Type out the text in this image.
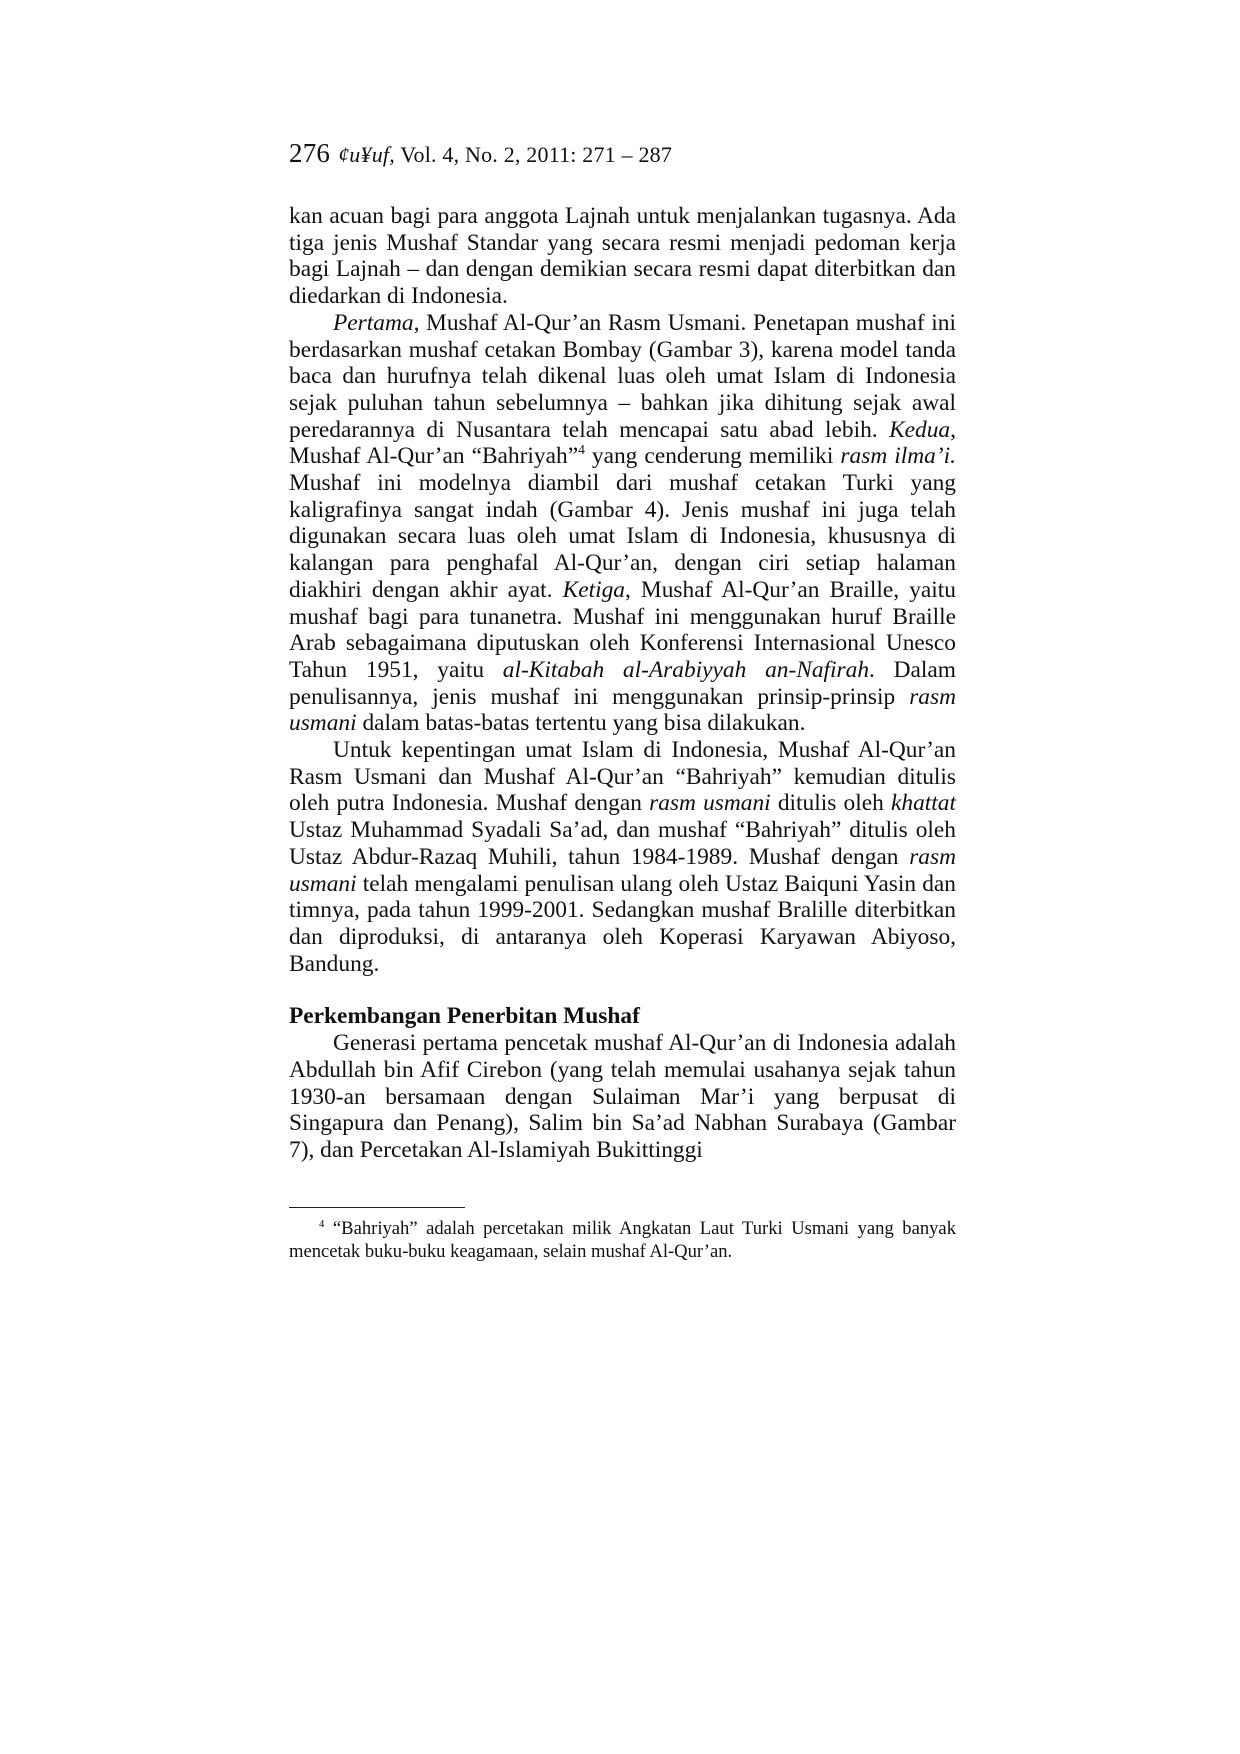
276 ¢u¥uf, Vol. 4, No. 2, 2011: 271 – 287

kan acuan bagi para anggota Lajnah untuk menjalankan tugasnya. Ada tiga jenis Mushaf Standar yang secara resmi menjadi pedoman kerja bagi Lajnah – dan dengan demikian secara resmi dapat diterbitkan dan diedarkan di Indonesia.

Pertama, Mushaf Al-Qur’an Rasm Usmani. Penetapan mushaf ini berdasarkan mushaf cetakan Bombay (Gambar 3), karena model tanda baca dan hurufnya telah dikenal luas oleh umat Islam di Indonesia sejak puluhan tahun sebelumnya – bahkan jika dihitung sejak awal peredarannya di Nusantara telah mencapai satu abad lebih. Kedua, Mushaf Al-Qur’an “Bahriyah”$^4$ yang cenderung memiliki rasm ilma’i. Mushaf ini modelnya diambil dari mushaf cetakan Turki yang kaligrafinya sangat indah (Gambar 4). Jenis mushaf ini juga telah digunakan secara luas oleh umat Islam di Indonesia, khususnya di kalangan para penghafal Al-Qur’an, dengan ciri setiap halaman diakhiri dengan akhir ayat. Ketiga, Mushaf Al-Qur’an Braille, yaitu mushaf bagi para tunanetra. Mushaf ini menggunakan huruf Braille Arab sebagaimana diputuskan oleh Konferensi Internasional Unesco Tahun 1951, yaitu al-Kitabah al-Arabiyyah an-Nafirah. Dalam penulisannya, jenis mushaf ini menggunakan prinsip-prinsip rasm usmani dalam batas-batas tertentu yang bisa dilakukan.

Untuk kepentingan umat Islam di Indonesia, Mushaf Al-Qur’an Rasm Usmani dan Mushaf Al-Qur’an “Bahriyah” kemudian ditulis oleh putra Indonesia. Mushaf dengan rasm usmani ditulis oleh khattat Ustaz Muhammad Syadali Sa’ad, dan mushaf “Bahriyah” ditulis oleh Ustaz Abdur-Razaq Muhili, tahun 1984-1989. Mushaf dengan rasm usmani telah mengalami penulisan ulang oleh Ustaz Baiquni Yasin dan timnya, pada tahun 1999-2001. Sedangkan mushaf Bralille diterbitkan dan diproduksi, di antaranya oleh Koperasi Karyawan Abiyoso, Bandung.

Perkembangan Penerbitan Mushaf

Generasi pertama pencetak mushaf Al-Qur’an di Indonesia adalah Abdullah bin Afif Cirebon (yang telah memulai usahanya sejak tahun 1930-an bersamaan dengan Sulaiman Mar’i yang berpusat di Singapura dan Penang), Salim bin Sa’ad Nabhan Surabaya (Gambar 7), dan Percetakan Al-Islamiyah Bukittinggi

$^4$ “Bahriyah” adalah percetakan milik Angkatan Laut Turki Usmani yang banyak mencetak buku-buku keagamaan, selain mushaf Al-Qur’an.
